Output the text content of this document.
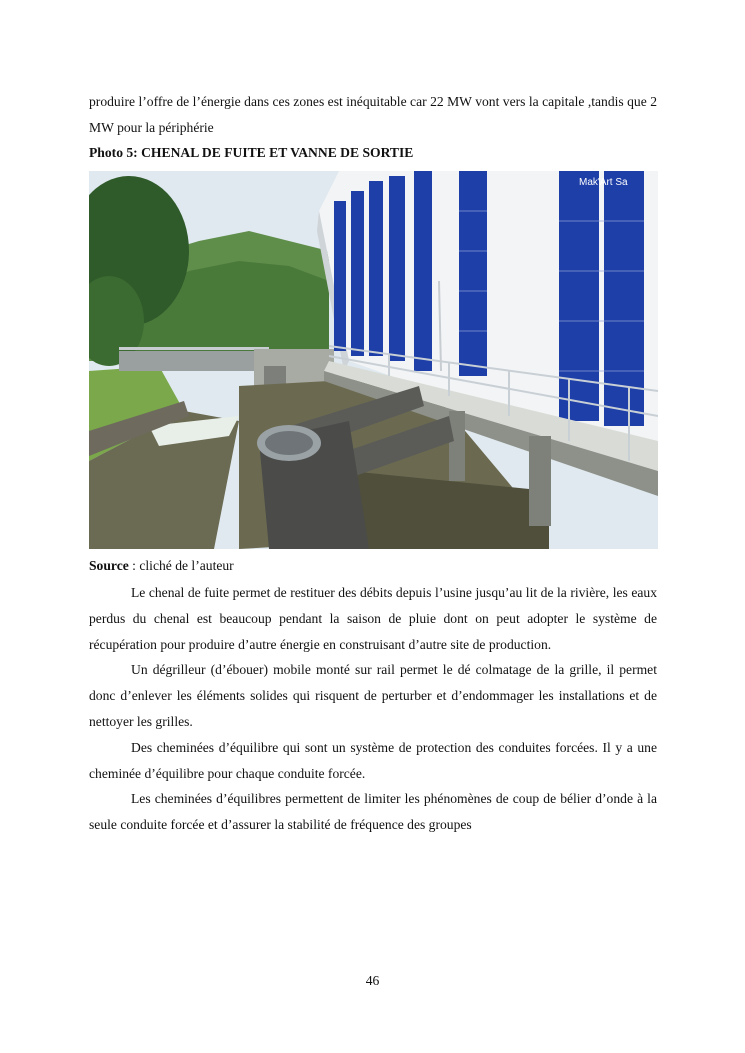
produire l’offre de l’énergie dans ces zones est inéquitable car 22 MW vont vers la capitale ,tandis que 2 MW pour la périphérie
Photo 5: CHENAL DE FUITE ET VANNE DE SORTIE
Mak'Art Sa
Source : cliché de l’auteur

Le chenal de fuite permet de restituer des débits depuis l’usine jusqu’au lit de la rivière, les eaux perdus du chenal est beaucoup pendant la saison de pluie dont on peut adopter le système de récupération pour produire d’autre énergie en construisant d’autre site de production.

Un dégrilleur (d’ébouer) mobile monté sur rail permet le dé colmatage de la grille, il permet donc d’enlever les éléments solides qui risquent de perturber et d’endommager les installations et de nettoyer les grilles.

Des cheminées d’équilibre qui sont un système de protection des conduites forcées. Il y a une cheminée d’équilibre pour chaque conduite forcée.

Les cheminées d’équilibres permettent de limiter les phénomènes de coup de bélier d’onde à la seule conduite forcée et d’assurer la stabilité de fréquence des groupes

46
